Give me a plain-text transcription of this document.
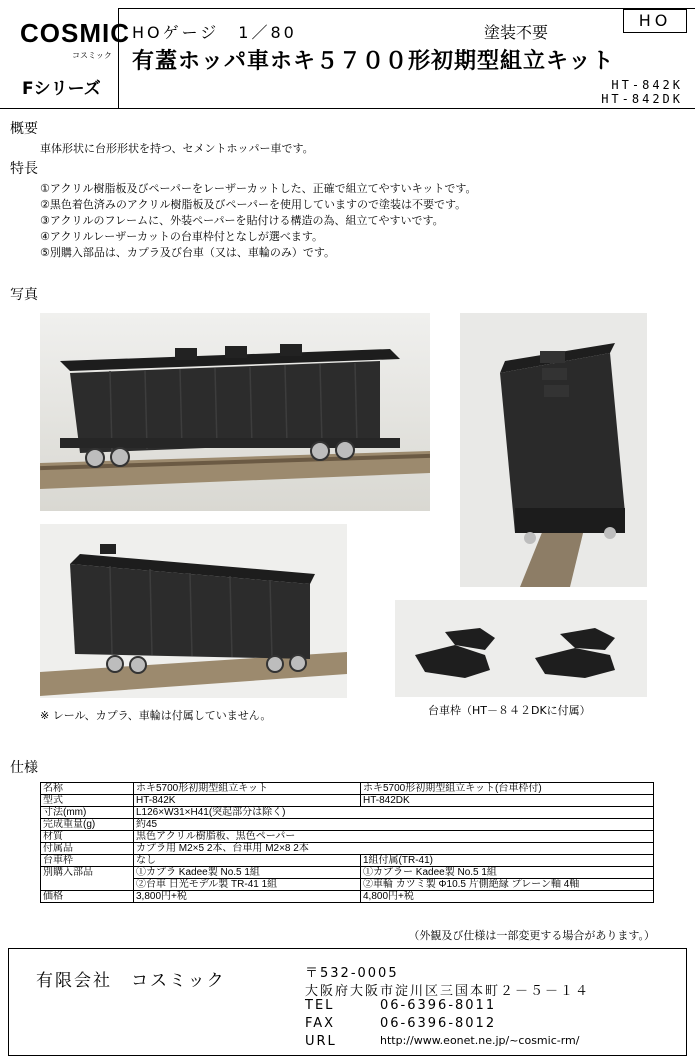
COSMIC
コスミック
Fシリーズ
HOゲージ　1／80	塗装不要
HO
有蓋ホッパ車ホキ５７００形初期型組立キット
HT-842K
HT-842DK
概要
車体形状に台形形状を持つ、セメントホッパー車です。
特長
①アクリル樹脂板及びペーパーをレーザーカットした、正確で組立てやすいキットです。
②黒色着色済みのアクリル樹脂板及びペーパーを使用していますので塗装は不要です。
③アクリルのフレームに、外装ペーパーを貼付ける構造の為、組立てやすいです。
④アクリルレーザーカットの台車枠付となしが選べます。
⑤別購入部品は、カプラ及び台車（又は、車輪のみ）です。
写真
※ レール、カプラ、車輪は付属していません。	台車枠（HT－８４２DKに付属）
仕様
名称	ホキ5700形初期型組立キット	ホキ5700形初期型組立キット(台車枠付)
型式	HT-842K	HT-842DK
寸法(mm)	L126×W31×H41(突起部分は除く)	
完成重量(g)	約45	
材質	黒色アクリル樹脂板、黒色ペーパー	
付属品	カプラ用 M2×5 2本、台車用 M2×8 2本	
台車枠	なし	1組付属(TR-41)
別購入部品	①カプラ Kadee製 No.5 1組	①カプラー Kadee製 No.5 1組
	②台車 日光モデル製 TR-41 1組	②車輪 カツミ製 Φ10.5 片側絶縁 プレーン軸 4軸
価格	3,800円+税	4,800円+税
（外観及び仕様は一部変更する場合があります。）
有限会社　コスミック	〒532-0005
大阪府大阪市淀川区三国本町２－５－１４
TEL	06-6396-8011
FAX	06-6396-8012
URL	http://www.eonet.ne.jp/~cosmic-rm/
